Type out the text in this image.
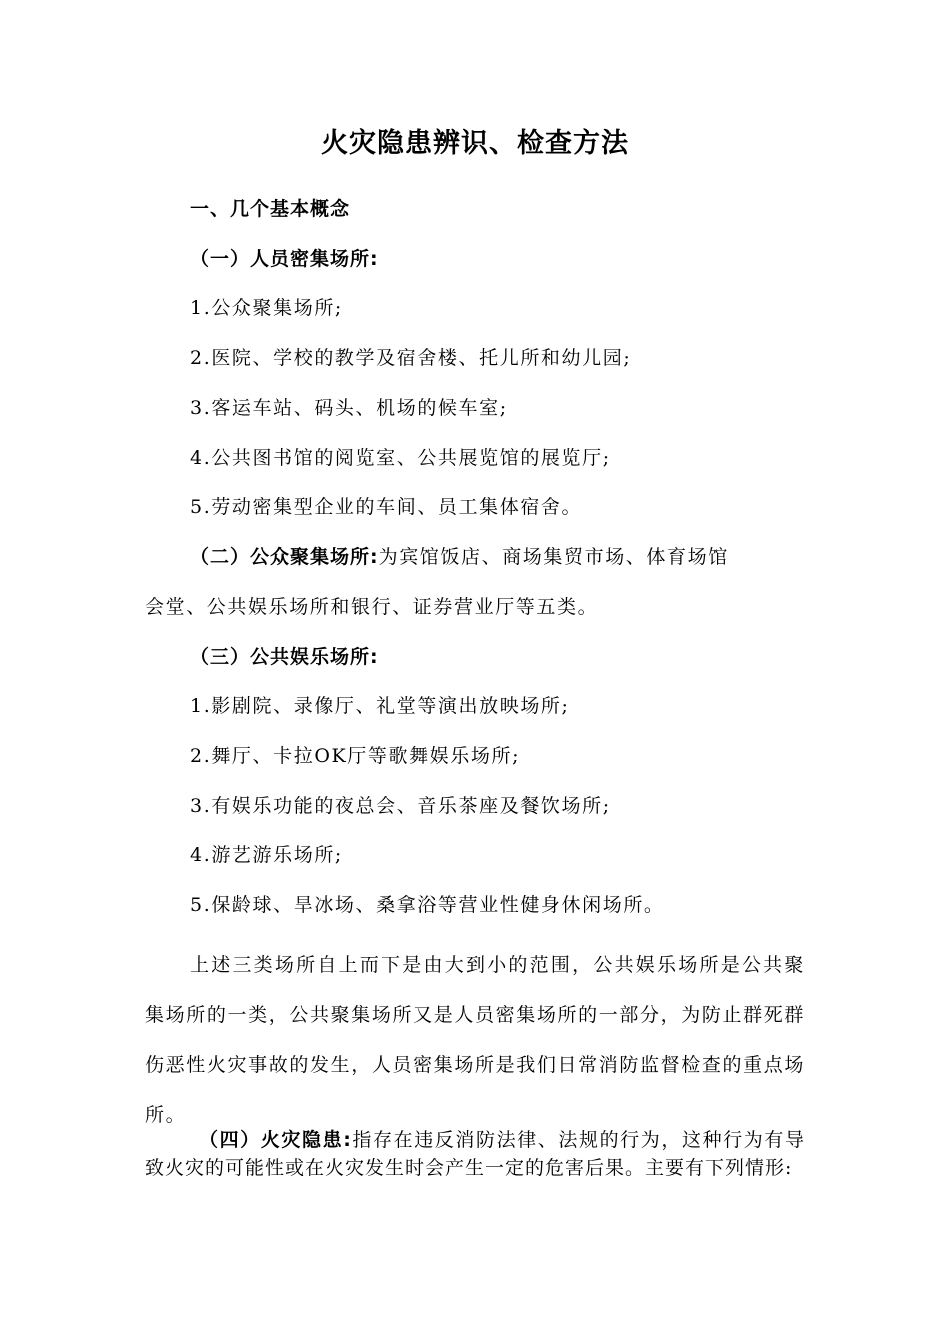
火灾隐患辨识、检查方法
一、几个基本概念
（一）人员密集场所:
1.公众聚集场所;
2.医院、学校的教学及宿舍楼、托儿所和幼儿园;
3.客运车站、码头、机场的候车室;
4.公共图书馆的阅览室、公共展览馆的展览厅;
5.劳动密集型企业的车间、员工集体宿舍。
（二）公众聚集场所:为宾馆饭店、商场集贸市场、体育场馆
会堂、公共娱乐场所和银行、证券营业厅等五类。
（三）公共娱乐场所:
1.影剧院、录像厅、礼堂等演出放映场所;
2.舞厅、卡拉OK厅等歌舞娱乐场所;
3.有娱乐功能的夜总会、音乐茶座及餐饮场所;
4.游艺游乐场所;
5.保龄球、旱冰场、桑拿浴等营业性健身休闲场所。
上述三类场所自上而下是由大到小的范围，公共娱乐场所是公共聚集场所的一类，公共聚集场所又是人员密集场所的一部分，为防止群死群伤恶性火灾事故的发生，人员密集场所是我们日常消防监督检查的重点场所。
（四）火灾隐患:指存在违反消防法律、法规的行为，这种行为有导致火灾的可能性或在火灾发生时会产生一定的危害后果。主要有下列情形:
